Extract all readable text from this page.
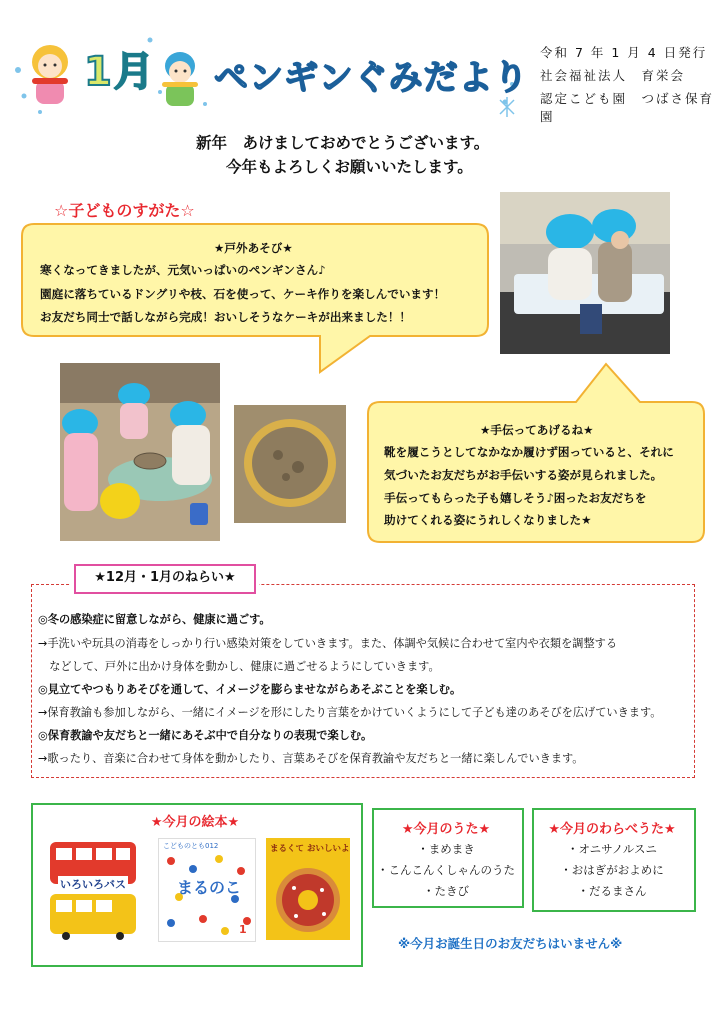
1月 ペンギンぐみだより
令和 7 年 1 月 4 日発行
社会福祉法人　育栄会
認定こども園　つばさ保育園
新年　あけましておめでとうございます。
今年もよろしくお願いいたします。
☆子どものすがた☆
★戸外あそび★
寒くなってきましたが、元気いっぱいのペンギンさん♪
園庭に落ちているドングリや枝、石を使って、ケーキ作りを楽しんでいます！
お友だち同士で話しながら完成！おいしそうなケーキが出来ました！！
★手伝ってあげるね★
靴を履こうとしてなかなか履けず困っていると、それに
気づいたお友だちがお手伝いする姿が見られました。
手伝ってもらった子も嬉しそう♪困ったお友だちを
助けてくれる姿にうれしくなりました★
★12月・1月のねらい★
◎冬の感染症に留意しながら、健康に過ごす。
→手洗いや玩具の消毒をしっかり行い感染対策をしていきます。また、体調や気候に合わせて室内や衣類を調整する
　などして、戸外に出かけ身体を動かし、健康に過ごせるようにしていきます。
◎見立てやつもりあそびを通して、イメージを膨らませながらあそぶことを楽しむ。
→保育教諭も参加しながら、一緒にイメージを形にしたり言葉をかけていくようにして子ども達のあそびを広げていきます。
◎保育教諭や友だちと一緒にあそぶ中で自分なりの表現で楽しむ。
→歌ったり、音楽に合わせて身体を動かしたり、言葉あそびを保育教諭や友だちと一緒に楽しんでいきます。
★今月の絵本★
いろいろバス
こどものとも012
まるのこ
1
まるくて おいしいよ
★今月のうた★
・まめまき
・こんこんくしゃんのうた
・たきび
★今月のわらべうた★
・オニサノルスニ
・おはぎがおよめに
・だるまさん
※今月お誕生日のお友だちはいません※
